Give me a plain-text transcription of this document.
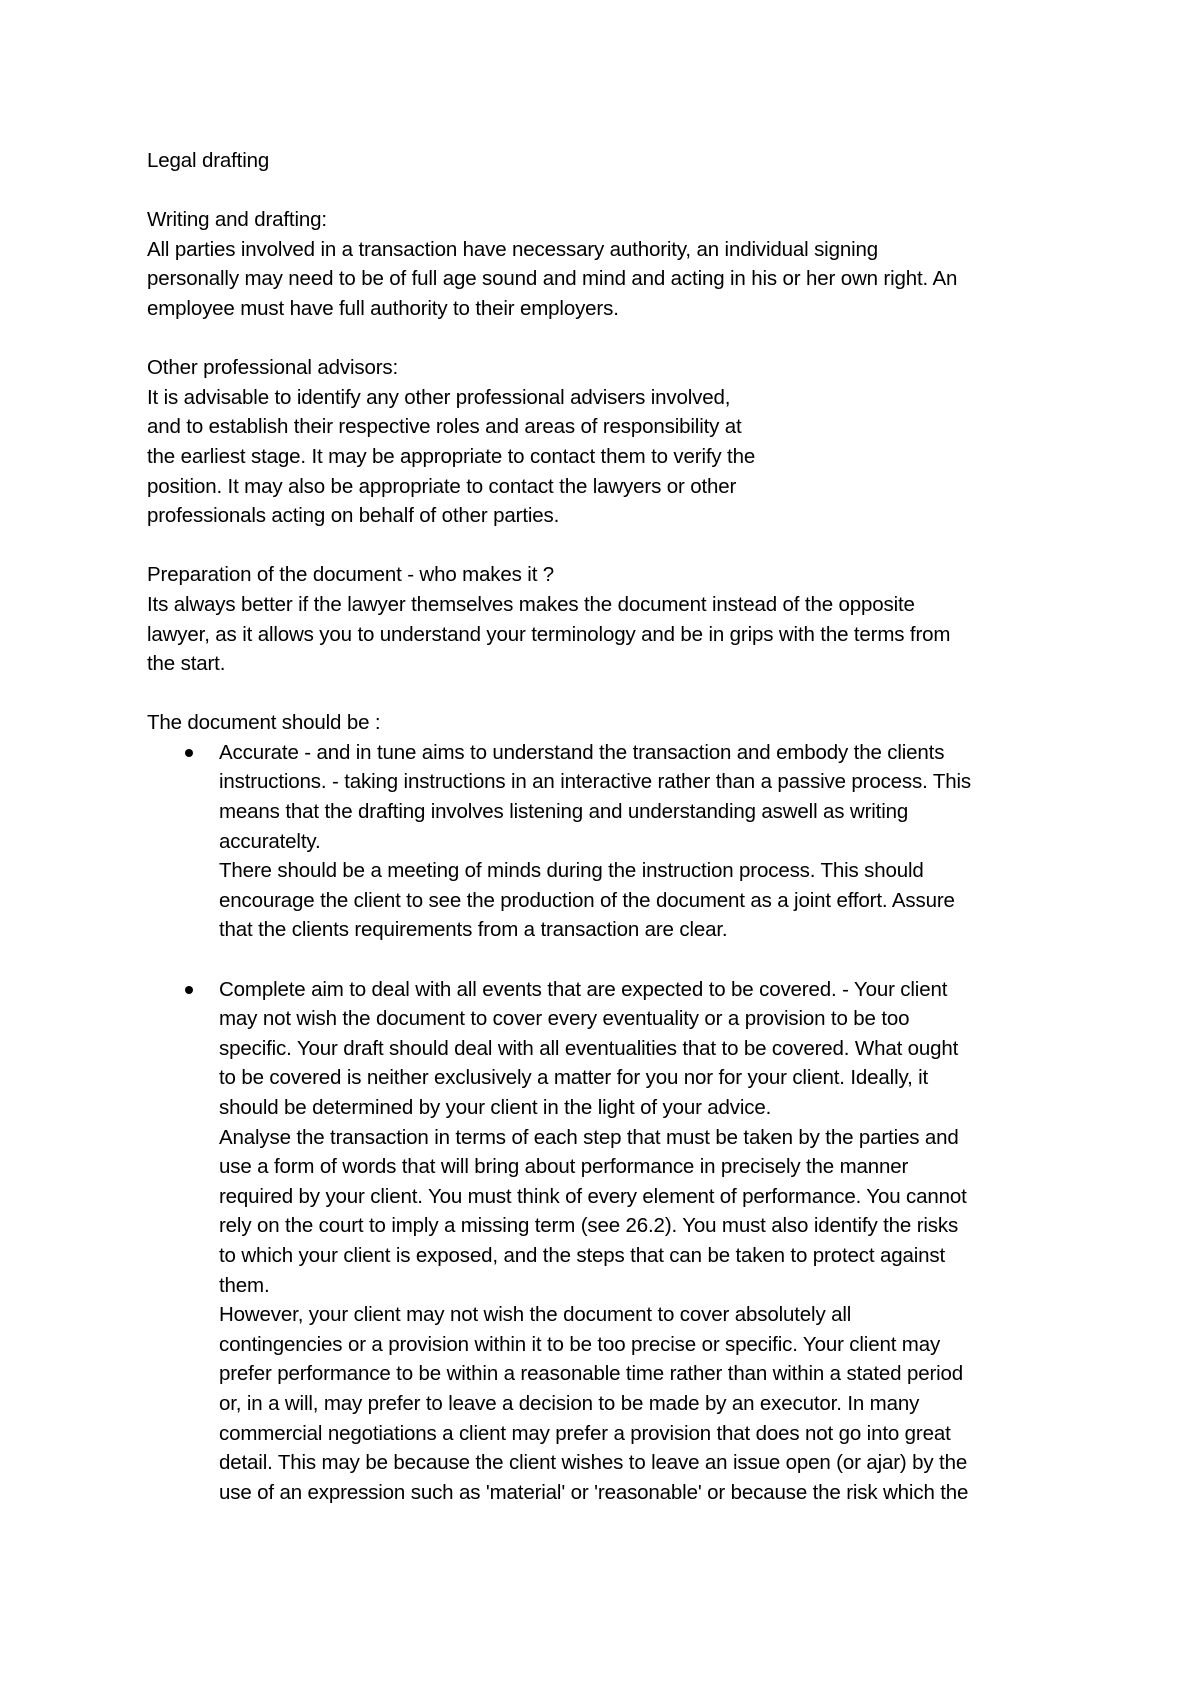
Legal drafting
Writing and drafting:
All parties involved in a transaction have necessary authority, an individual signing
personally may need to be of full age sound and mind and acting in his or her own right. An
employee must have full authority to their employers.
Other professional advisors:
It is advisable to identify any other professional advisers involved,
and to establish their respective roles and areas of responsibility at
the earliest stage. It may be appropriate to contact them to verify the
position. It may also be appropriate to contact the lawyers or other
professionals acting on behalf of other parties.
Preparation of the document - who makes it ?
Its always better if the lawyer themselves makes the document instead of the opposite
lawyer, as it allows you to understand your terminology and be in grips with the terms from
the start.
The document should be :
Accurate - and in tune aims to understand the transaction and embody the clients
instructions. - taking instructions in an interactive rather than a passive process. This
means that the drafting involves listening and understanding aswell as writing
accuratelty.
There should be a meeting of minds during the instruction process. This should
encourage the client to see the production of the document as a joint effort. Assure
that the clients requirements from a transaction are clear.
Complete aim to deal with all events that are expected to be covered. - Your client
may not wish the document to cover every eventuality or a provision to be too
specific. Your draft should deal with all eventualities that to be covered. What ought
to be covered is neither exclusively a matter for you nor for your client. Ideally, it
should be determined by your client in the light of your advice.
Analyse the transaction in terms of each step that must be taken by the parties and
use a form of words that will bring about performance in precisely the manner
required by your client. You must think of every element of performance. You cannot
rely on the court to imply a missing term (see 26.2). You must also identify the risks
to which your client is exposed, and the steps that can be taken to protect against
them.
However, your client may not wish the document to cover absolutely all
contingencies or a provision within it to be too precise or specific. Your client may
prefer performance to be within a reasonable time rather than within a stated period
or, in a will, may prefer to leave a decision to be made by an executor. In many
commercial negotiations a client may prefer a provision that does not go into great
detail. This may be because the client wishes to leave an issue open (or ajar) by the
use of an expression such as 'material' or 'reasonable' or because the risk which the
